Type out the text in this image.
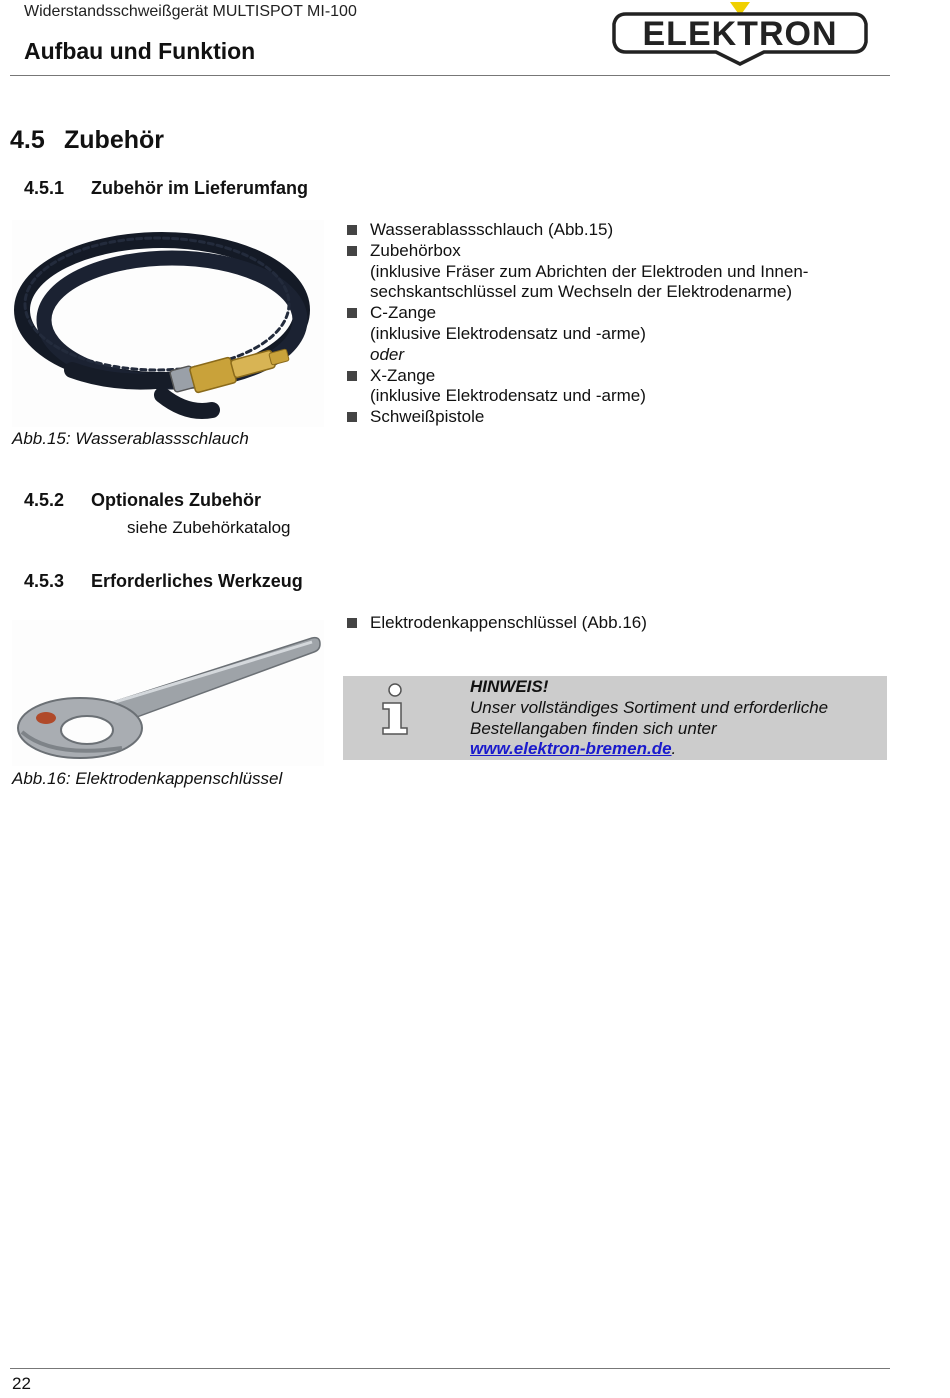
Widerstandsschweißgerät MULTISPOT MI-100
Aufbau und Funktion	ELEKTRON
4.5 Zubehör
4.5.1 Zubehör im Lieferumfang
Abb.15: Wasserablassschlauch
Wasserablassschlauch (Abb.15)
Zubehörbox
(inklusive Fräser zum Abrichten der Elektroden und Innen-
sechskantschlüssel zum Wechseln der Elektrodenarme)
C-Zange
(inklusive Elektrodensatz und -arme)
oder
X-Zange
(inklusive Elektrodensatz und -arme)
Schweißpistole
4.5.2 Optionales Zubehör
siehe Zubehörkatalog
4.5.3 Erforderliches Werkzeug
Abb.16: Elektrodenkappenschlüssel
Elektrodenkappenschlüssel (Abb.16)
HINWEIS!
Unser vollständiges Sortiment und erforderliche
Bestellangaben finden sich unter
www.elektron-bremen.de.
22
